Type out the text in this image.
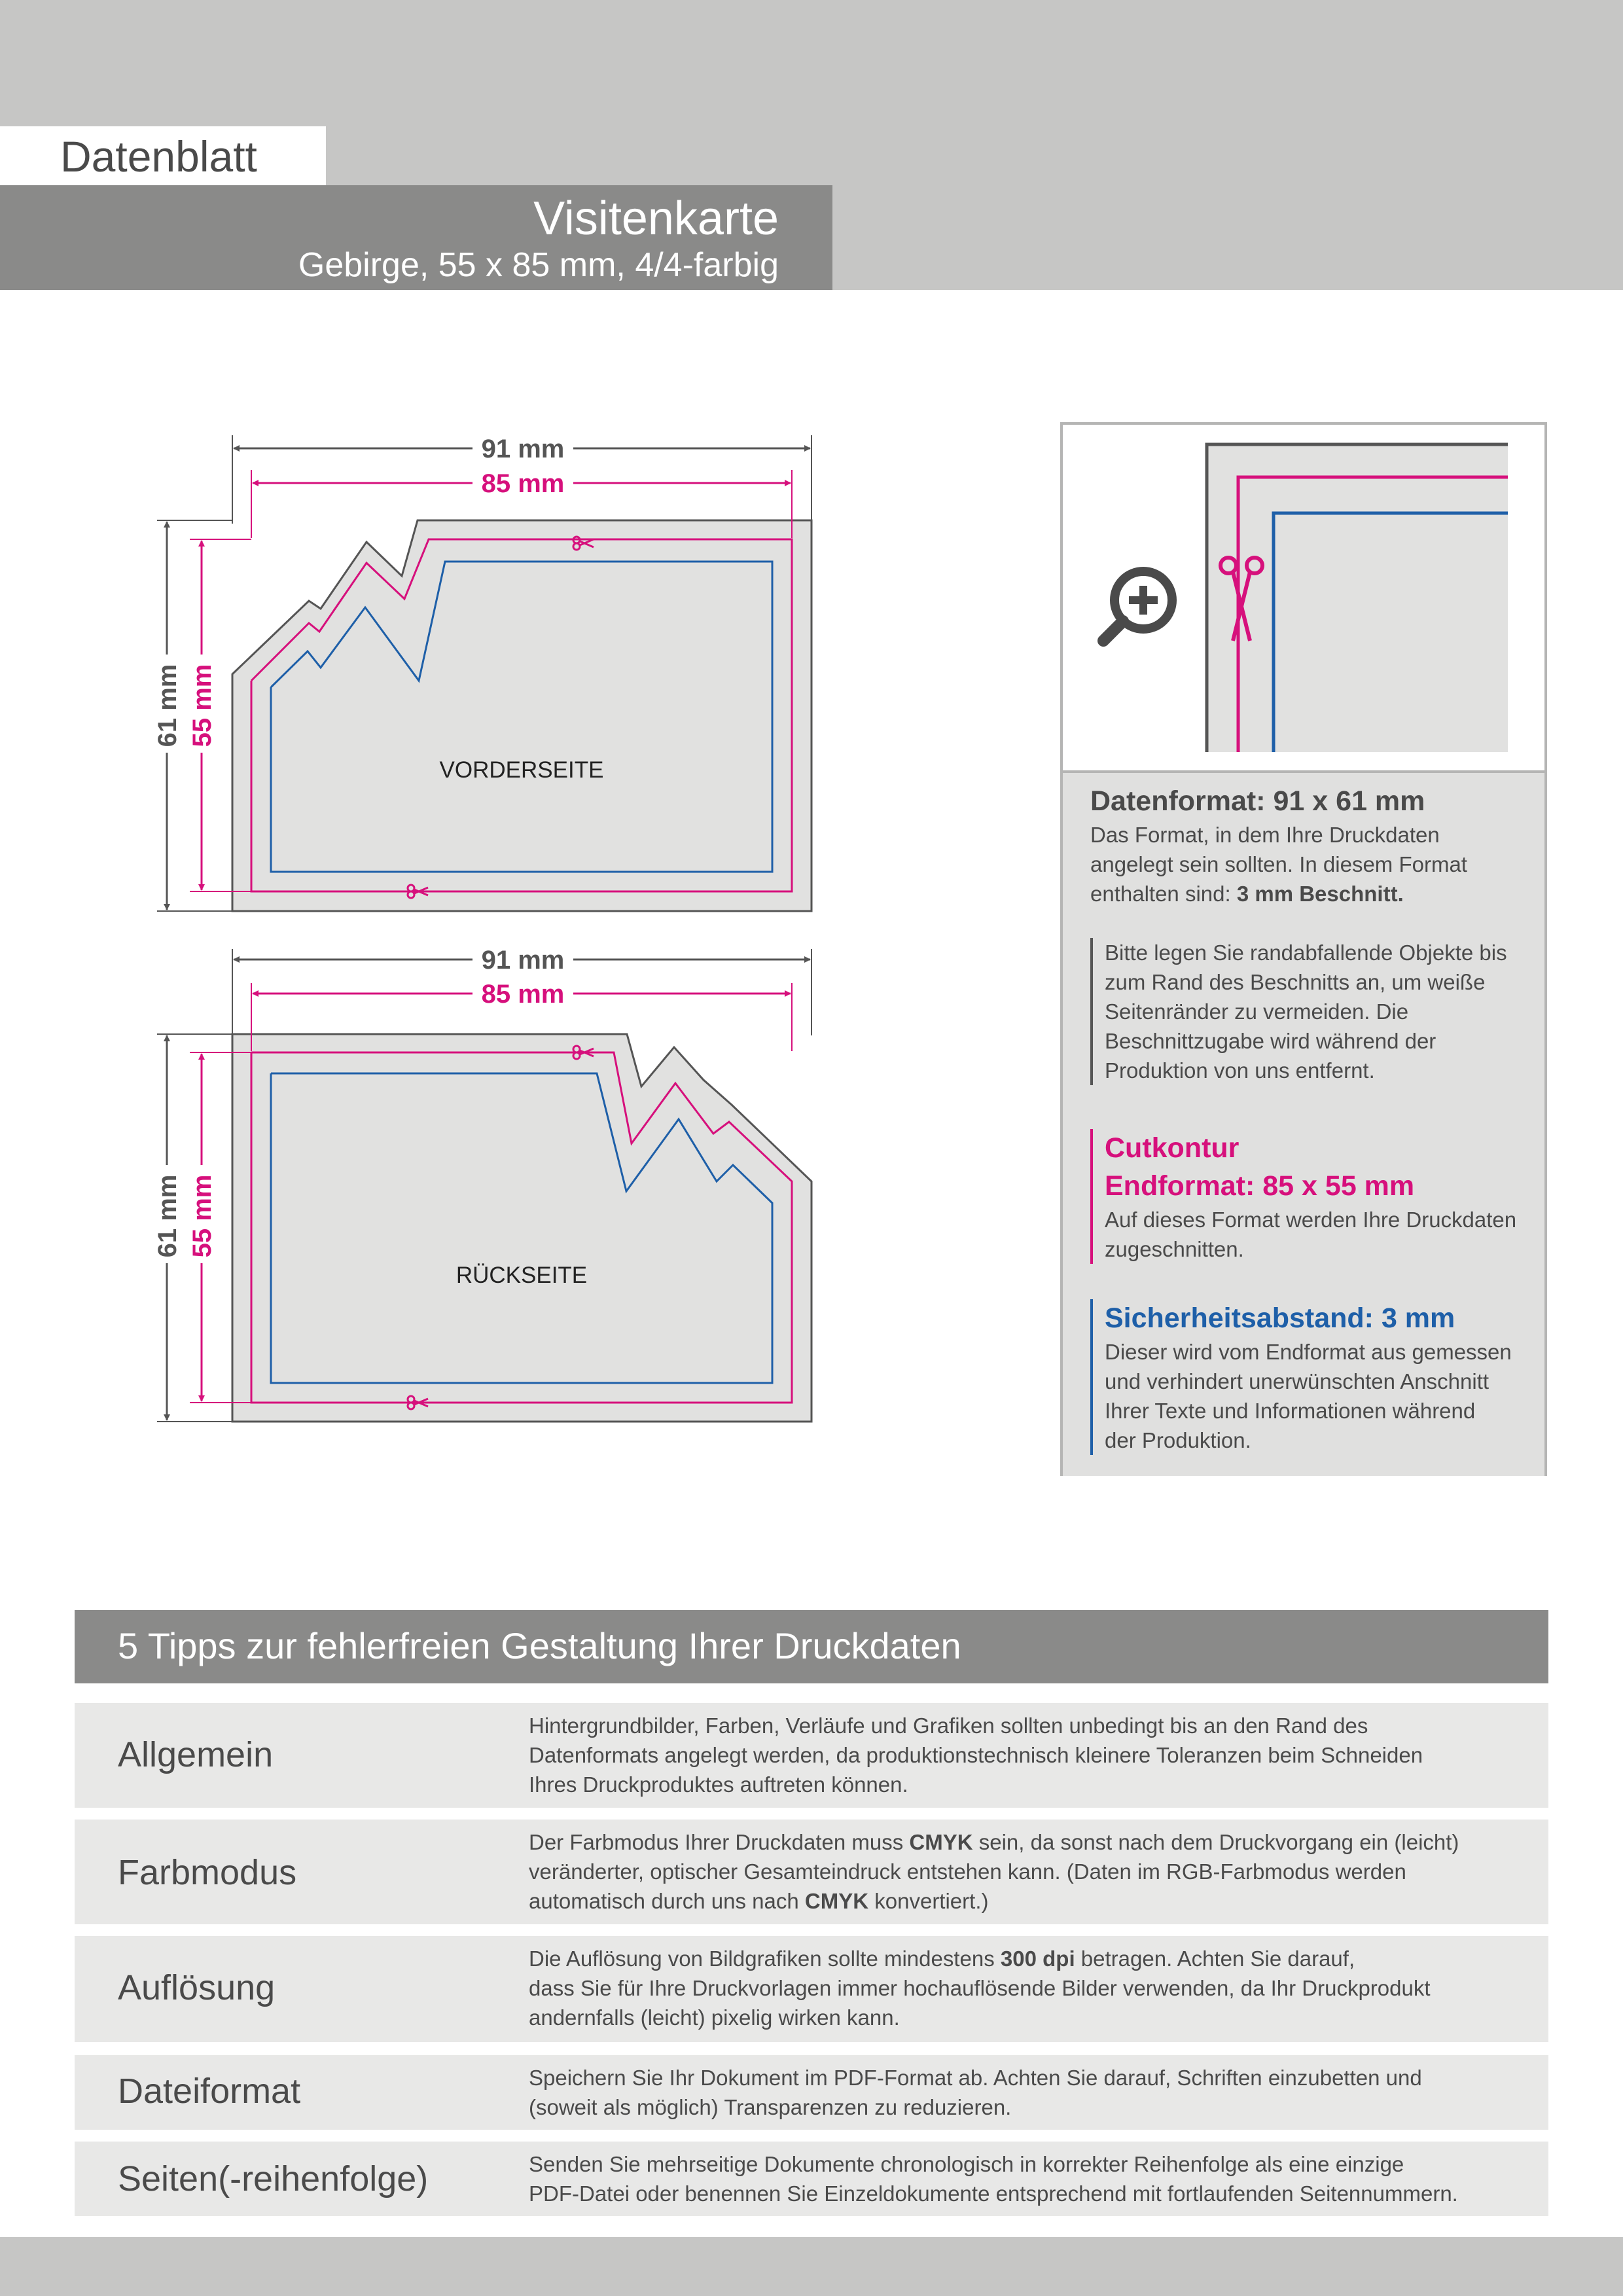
Datenblatt
Visitenkarte
Gebirge, 55 x 85 mm, 4/4-farbig
91 mm
85 mm
61 mm 55 mm
VORDERSEITE
91 mm
85 mm
61 mm 55 mm
RÜCKSEITE
Datenformat: 91 x 61 mm
Das Format, in dem Ihre Druckdaten
angelegt sein sollten. In diesem Format
enthalten sind: 3 mm Beschnitt.
Bitte legen Sie randabfallende Objekte bis
zum Rand des Beschnitts an, um weiße
Seitenränder zu vermeiden. Die
Beschnittzugabe wird während der
Produktion von uns entfernt.
Cutkontur
Endformat: 85 x 55 mm
Auf dieses Format werden Ihre Druckdaten
zugeschnitten.
Sicherheitsabstand: 3 mm
Dieser wird vom Endformat aus gemessen
und verhindert unerwünschten Anschnitt
Ihrer Texte und Informationen während
der Produktion.
5 Tipps zur fehlerfreien Gestaltung Ihrer Druckdaten
Allgemein
Hintergrundbilder, Farben, Verläufe und Grafiken sollten unbedingt bis an den Rand des
Datenformats angelegt werden, da produktionstechnisch kleinere Toleranzen beim Schneiden
Ihres Druckproduktes auftreten können.
Farbmodus
Der Farbmodus Ihrer Druckdaten muss CMYK sein, da sonst nach dem Druckvorgang ein (leicht)
veränderter, optischer Gesamteindruck entstehen kann. (Daten im RGB-Farbmodus werden
automatisch durch uns nach CMYK konvertiert.)
Auflösung
Die Auflösung von Bildgrafiken sollte mindestens 300 dpi betragen. Achten Sie darauf,
dass Sie für Ihre Druckvorlagen immer hochauflösende Bilder verwenden, da Ihr Druckprodukt
andernfalls (leicht) pixelig wirken kann.
Dateiformat	Speichern Sie Ihr Dokument im PDF-Format ab. Achten Sie darauf, Schriften einzubetten und
(soweit als möglich) Transparenzen zu reduzieren.
Seiten(-reihenfolge)	Senden Sie mehrseitige Dokumente chronologisch in korrekter Reihenfolge als eine einzige
PDF-Datei oder benennen Sie Einzeldokumente entsprechend mit fortlaufenden Seitennummern.
